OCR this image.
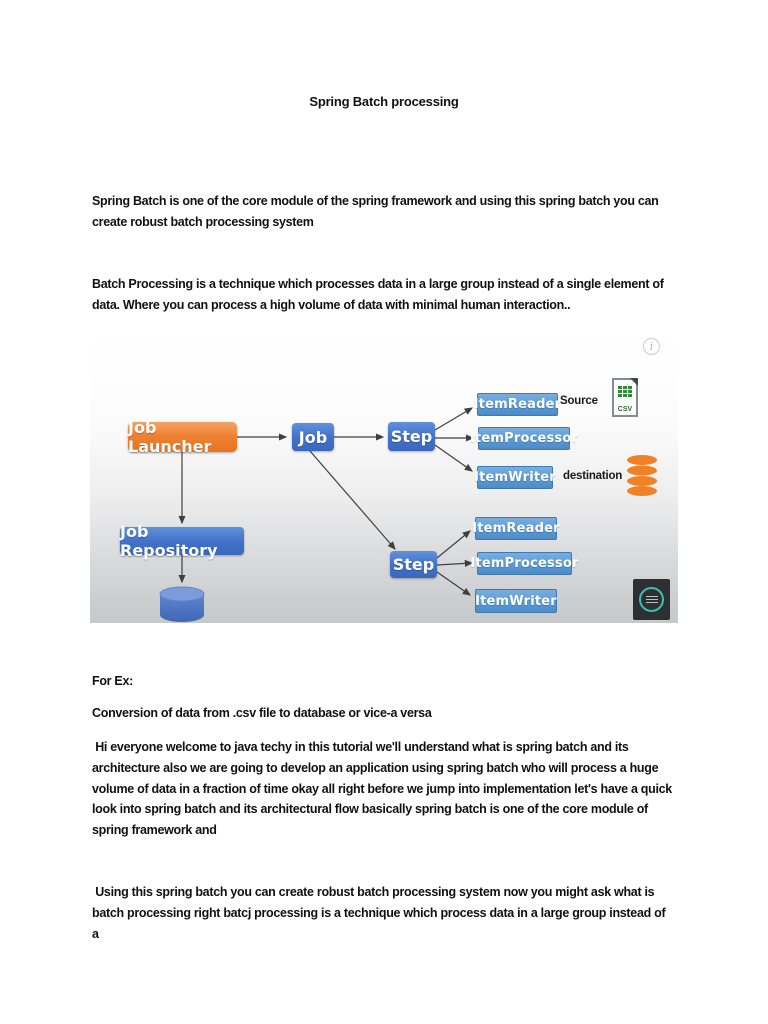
Spring Batch processing

Spring Batch is one of the core module of the spring framework and using this spring batch you can create robust batch processing system

Batch Processing is a technique which processes data in a large group instead of a single element of data. Where you can process a high volume of data with minimal human interaction..

i
Job Launcher	Job	Step
Step
Job Repository
ItemReader
ItemProcessor
ItemWriter
ItemReader
ItemProcessor
ItemWriter
Source
destination
CSV

For Ex:

Conversion of data from .csv file to database or vice-a versa

Hi everyone welcome to java techy in this tutorial we'll understand what is spring batch and its architecture also we are going to develop an application using spring batch who will process a huge volume of data in a fraction of time okay all right before we jump into implementation let's have a quick look into spring batch and its architectural flow basically spring batch is one of the core module of spring framework and

Using this spring batch you can create robust batch processing system now you might ask what is batch processing right batcj processing is a technique which process data in a large group instead of a
